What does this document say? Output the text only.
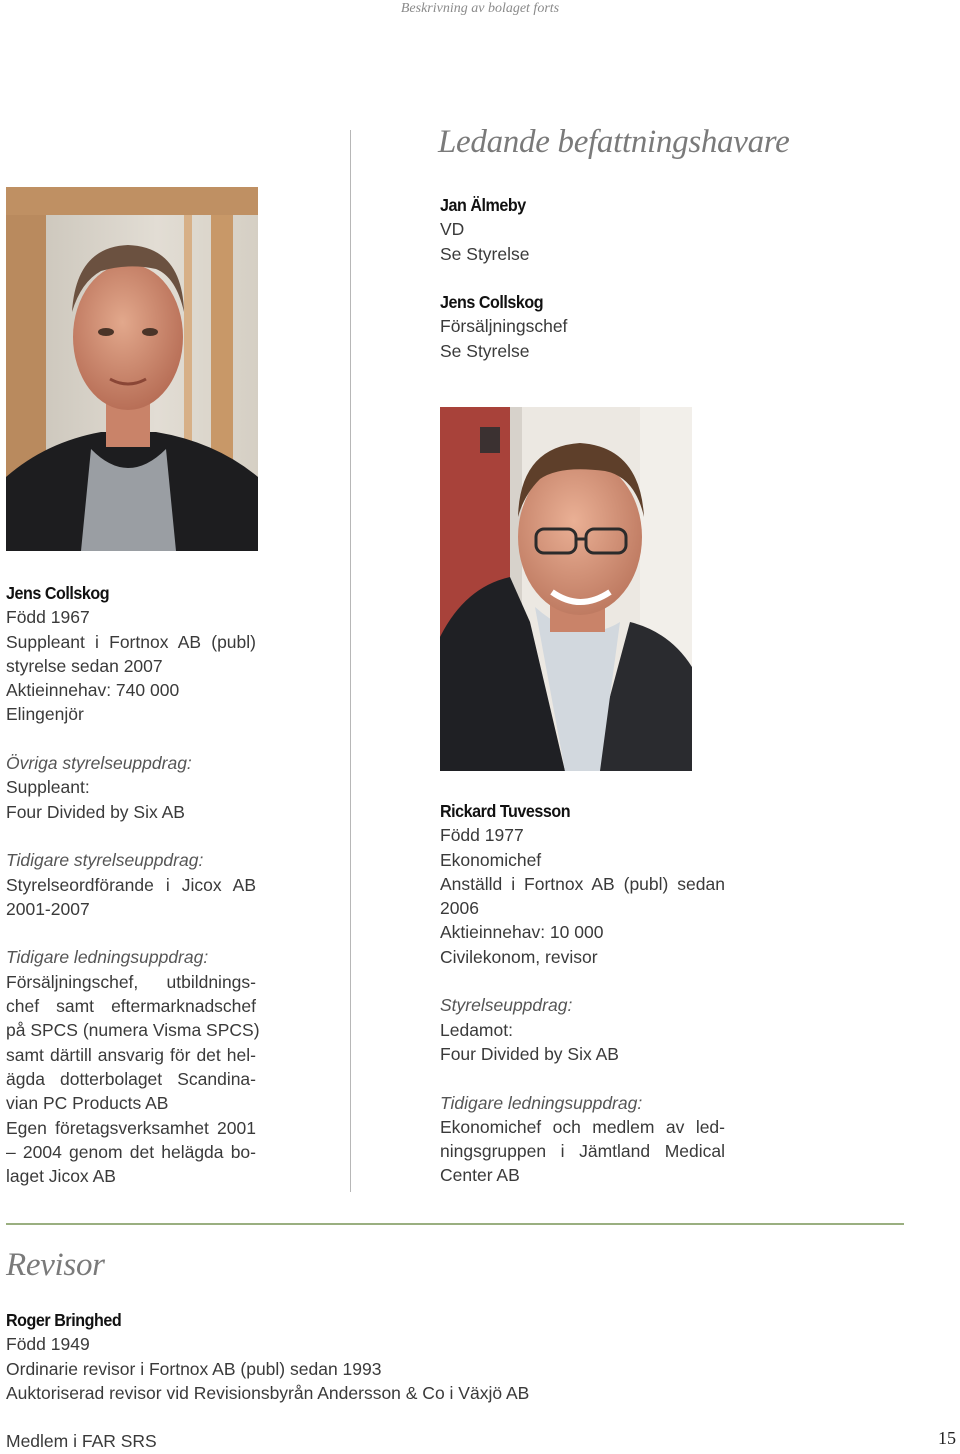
Beskrivning av bolaget forts
Ledande befattningshavare
Jan Älmeby
VD
Se Styrelse
Jens Collskog
Försäljningschef
Se Styrelse
Jens Collskog
Född 1967
Suppleant i Fortnox AB (publ)
styrelse sedan 2007
Aktieinnehav: 740 000
Elingenjör
Övriga styrelseuppdrag:
Suppleant:
Four Divided by Six AB
Tidigare styrelseuppdrag:
Styrelseordförande i Jicox AB
2001-2007
Tidigare ledningsuppdrag:
Försäljningschef, utbildnings-
chef samt eftermarknadschef
på SPCS (numera Visma SPCS)
samt därtill ansvarig för det hel-
ägda dotterbolaget Scandina-
vian PC Products AB
Egen företagsverksamhet 2001
– 2004 genom det helägda bo-
laget Jicox AB
Rickard Tuvesson
Född 1977
Ekonomichef
Anställd i Fortnox AB (publ) sedan
2006
Aktieinnehav: 10 000
Civilekonom, revisor
Styrelseuppdrag:
Ledamot:
Four Divided by Six AB
Tidigare ledningsuppdrag:
Ekonomichef och medlem av led-
ningsgruppen i Jämtland Medical
Center AB
Revisor
Roger Bringhed
Född 1949
Ordinarie revisor i Fortnox AB (publ) sedan 1993
Auktoriserad revisor vid Revisionsbyrån Andersson & Co i Växjö AB
Medlem i FAR SRS	15
